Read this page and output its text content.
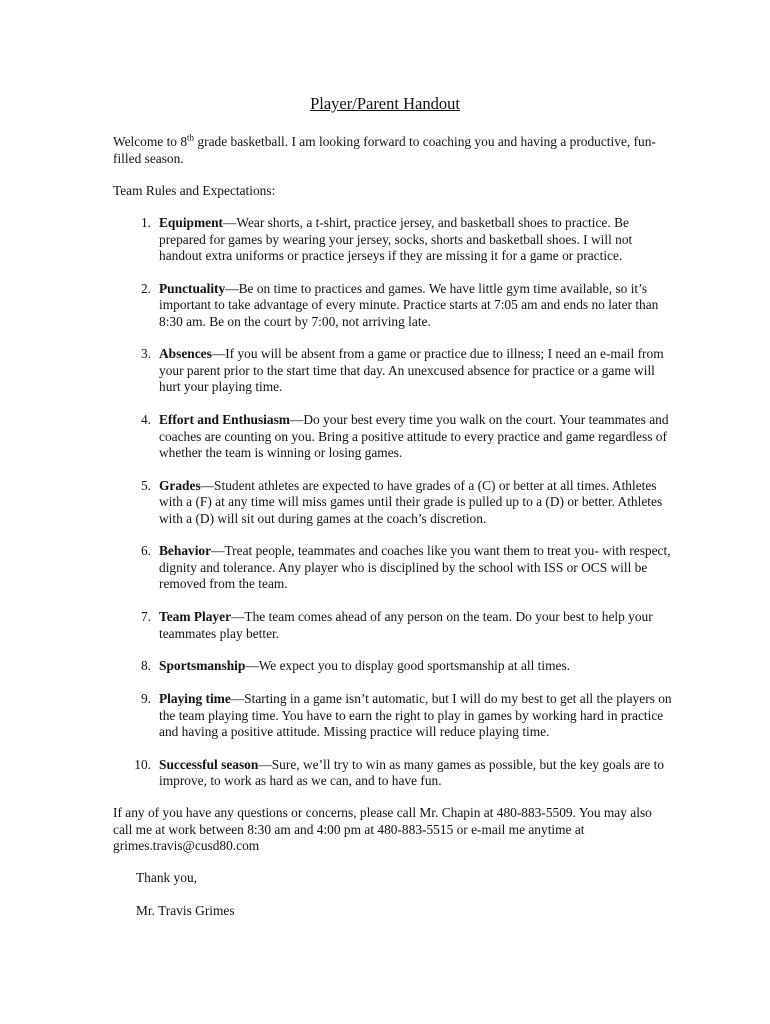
Player/Parent Handout
Welcome to 8th grade basketball. I am looking forward to coaching you and having a productive, fun-filled season.
Team Rules and Expectations:
1. Equipment—Wear shorts, a t-shirt, practice jersey, and basketball shoes to practice. Be prepared for games by wearing your jersey, socks, shorts and basketball shoes. I will not handout extra uniforms or practice jerseys if they are missing it for a game or practice.
2. Punctuality—Be on time to practices and games. We have little gym time available, so it’s important to take advantage of every minute. Practice starts at 7:05 am and ends no later than 8:30 am. Be on the court by 7:00, not arriving late.
3. Absences—If you will be absent from a game or practice due to illness; I need an e-mail from your parent prior to the start time that day. An unexcused absence for practice or a game will hurt your playing time.
4. Effort and Enthusiasm—Do your best every time you walk on the court. Your teammates and coaches are counting on you. Bring a positive attitude to every practice and game regardless of whether the team is winning or losing games.
5. Grades—Student athletes are expected to have grades of a (C) or better at all times. Athletes with a (F) at any time will miss games until their grade is pulled up to a (D) or better. Athletes with a (D) will sit out during games at the coach’s discretion.
6. Behavior—Treat people, teammates and coaches like you want them to treat you- with respect, dignity and tolerance. Any player who is disciplined by the school with ISS or OCS will be removed from the team.
7. Team Player—The team comes ahead of any person on the team. Do your best to help your teammates play better.
8. Sportsmanship—We expect you to display good sportsmanship at all times.
9. Playing time—Starting in a game isn’t automatic, but I will do my best to get all the players on the team playing time. You have to earn the right to play in games by working hard in practice and having a positive attitude. Missing practice will reduce playing time.
10. Successful season—Sure, we’ll try to win as many games as possible, but the key goals are to improve, to work as hard as we can, and to have fun.
If any of you have any questions or concerns, please call Mr. Chapin at 480-883-5509. You may also call me at work between 8:30 am and 4:00 pm at 480-883-5515 or e-mail me anytime at grimes.travis@cusd80.com
Thank you,
Mr. Travis Grimes
